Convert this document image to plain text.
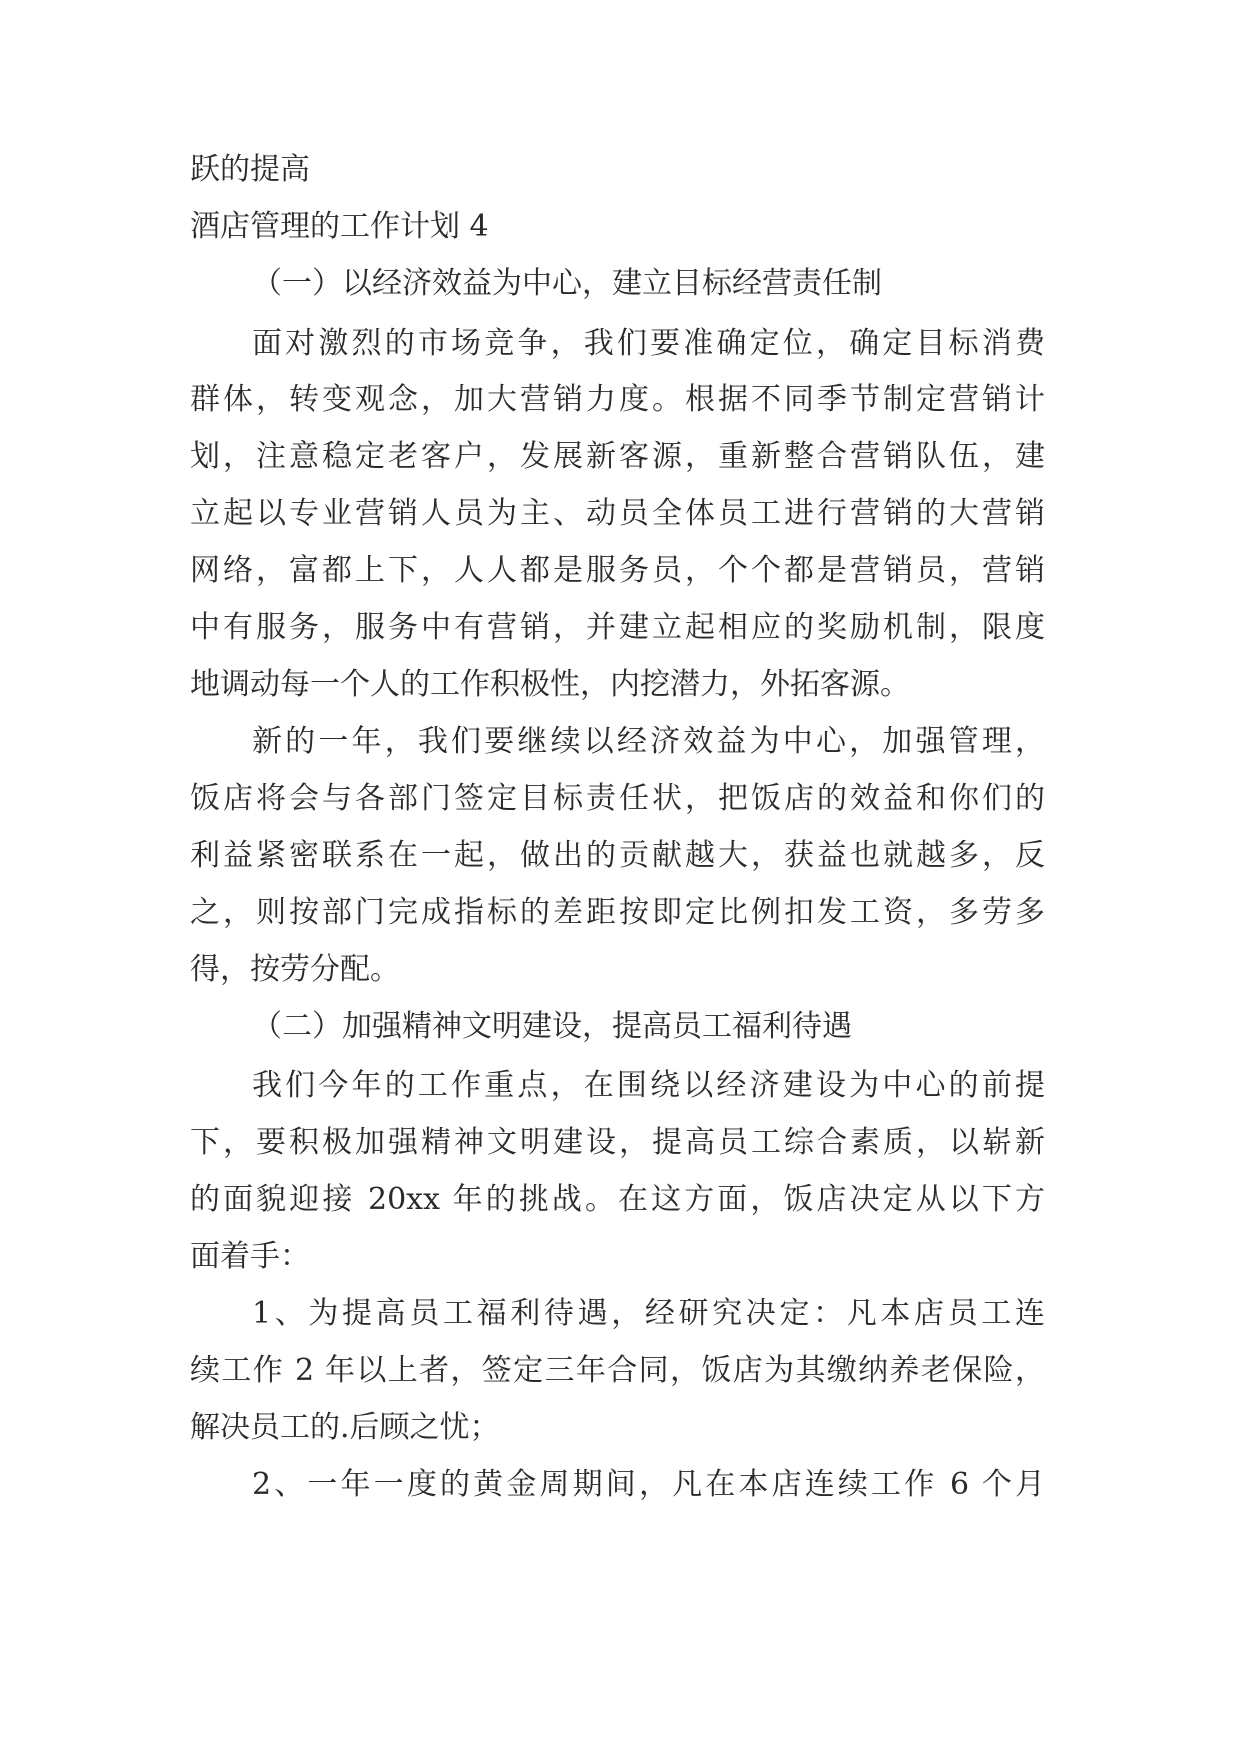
跃的提高
酒店管理的工作计划 4
（一）以经济效益为中心，建立目标经营责任制
面对激烈的市场竞争，我们要准确定位，确定目标消费
群体，转变观念，加大营销力度。根据不同季节制定营销计
划，注意稳定老客户，发展新客源，重新整合营销队伍，建
立起以专业营销人员为主、动员全体员工进行营销的大营销
网络，富都上下，人人都是服务员，个个都是营销员，营销
中有服务，服务中有营销，并建立起相应的奖励机制，限度
地调动每一个人的工作积极性，内挖潜力，外拓客源。
新的一年，我们要继续以经济效益为中心，加强管理，
饭店将会与各部门签定目标责任状，把饭店的效益和你们的
利益紧密联系在一起，做出的贡献越大，获益也就越多，反
之，则按部门完成指标的差距按即定比例扣发工资，多劳多
得，按劳分配。
（二）加强精神文明建设，提高员工福利待遇
我们今年的工作重点，在围绕以经济建设为中心的前提
下，要积极加强精神文明建设，提高员工综合素质，以崭新
的面貌迎接 20xx 年的挑战。在这方面，饭店决定从以下方
面着手：
1、为提高员工福利待遇，经研究决定：凡本店员工连
续工作 2 年以上者，签定三年合同，饭店为其缴纳养老保险，
解决员工的.后顾之忧；
2、一年一度的黄金周期间，凡在本店连续工作 6 个月
